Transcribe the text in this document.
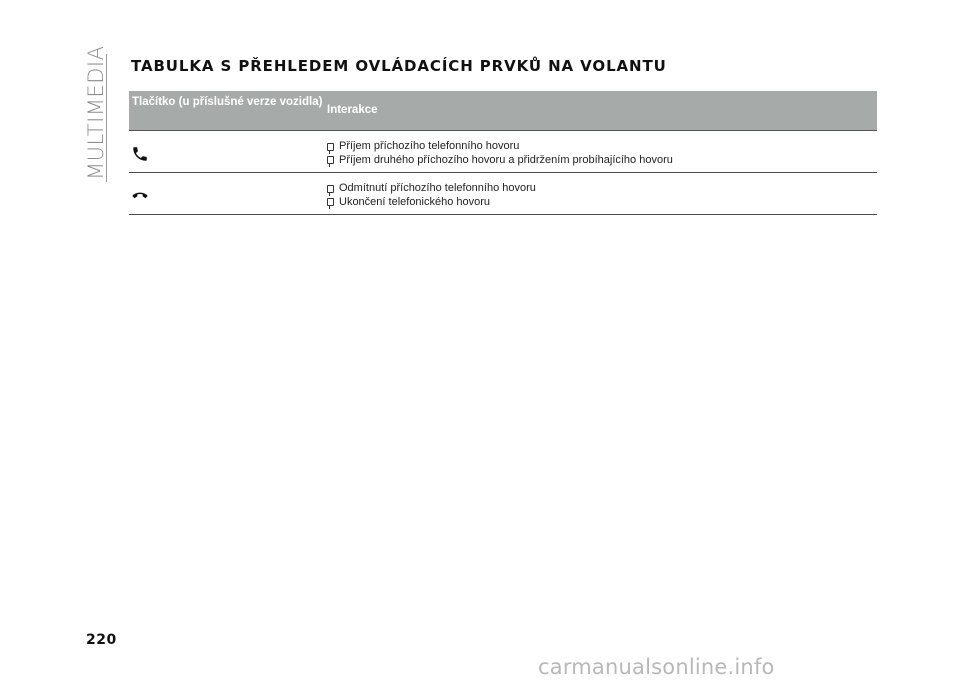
MULTIMEDIA TABULKA S PŘEHLEDEM OVLÁDACÍCH PRVKŮ NA VOLANTU
Tlačítko (u příslušné verze vozidla)
Interakce
Příjem příchozího telefonního hovoru
Příjem druhého příchozího hovoru a přidržením probíhajícího hovoru
Odmítnutí příchozího telefonního hovoru
Ukončení telefonického hovoru
220
carmanualsonline.info
